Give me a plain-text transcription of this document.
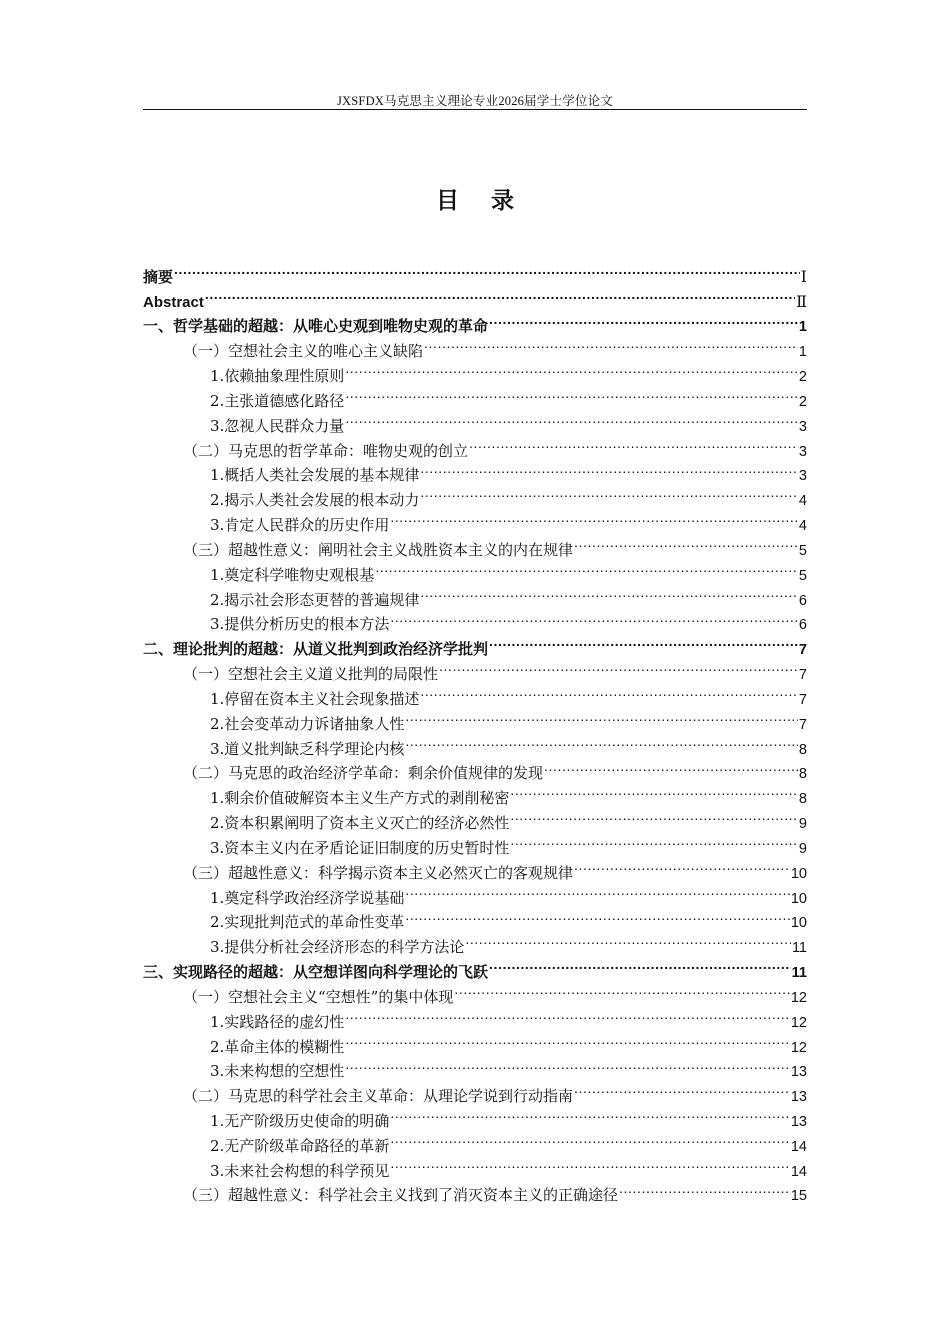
JXSFDX马克思主义理论专业2026届学士学位论文
目 录
摘要 .....	Ⅰ
Abstract .....	Ⅱ
一、哲学基础的超越：从唯心史观到唯物史观的革命 .....	1
（一）空想社会主义的唯心主义缺陷 .....	1
1.依赖抽象理性原则 .....	2
2.主张道德感化路径 .....	2
3.忽视人民群众力量 .....	3
（二）马克思的哲学革命：唯物史观的创立 .....	3
1.概括人类社会发展的基本规律 .....	3
2.揭示人类社会发展的根本动力 .....	4
3.肯定人民群众的历史作用 .....	4
（三）超越性意义：阐明社会主义战胜资本主义的内在规律 .....	5
1.奠定科学唯物史观根基 .....	5
2.揭示社会形态更替的普遍规律 .....	6
3.提供分析历史的根本方法 .....	6
二、理论批判的超越：从道义批判到政治经济学批判 .....	7
（一）空想社会主义道义批判的局限性 .....	7
1.停留在资本主义社会现象描述 .....	7
2.社会变革动力诉诸抽象人性 .....	7
3.道义批判缺乏科学理论内核 .....	8
（二）马克思的政治经济学革命：剩余价值规律的发现 .....	8
1.剩余价值破解资本主义生产方式的剥削秘密 .....	8
2.资本积累阐明了资本主义灭亡的经济必然性 .....	9
3.资本主义内在矛盾论证旧制度的历史暂时性 .....	9
（三）超越性意义：科学揭示资本主义必然灭亡的客观规律 .....	10
1.奠定科学政治经济学说基础 .....	10
2.实现批判范式的革命性变革 .....	10
3.提供分析社会经济形态的科学方法论 .....	11
三、实现路径的超越：从空想详图向科学理论的飞跃 .....	11
（一）空想社会主义“空想性”的集中体现 .....	12
1.实践路径的虚幻性 .....	12
2.革命主体的模糊性 .....	12
3.未来构想的空想性 .....	13
（二）马克思的科学社会主义革命：从理论学说到行动指南 .....	13
1.无产阶级历史使命的明确 .....	13
2.无产阶级革命路径的革新 .....	14
3.未来社会构想的科学预见 .....	14
（三）超越性意义：科学社会主义找到了消灭资本主义的正确途径 .....	15
